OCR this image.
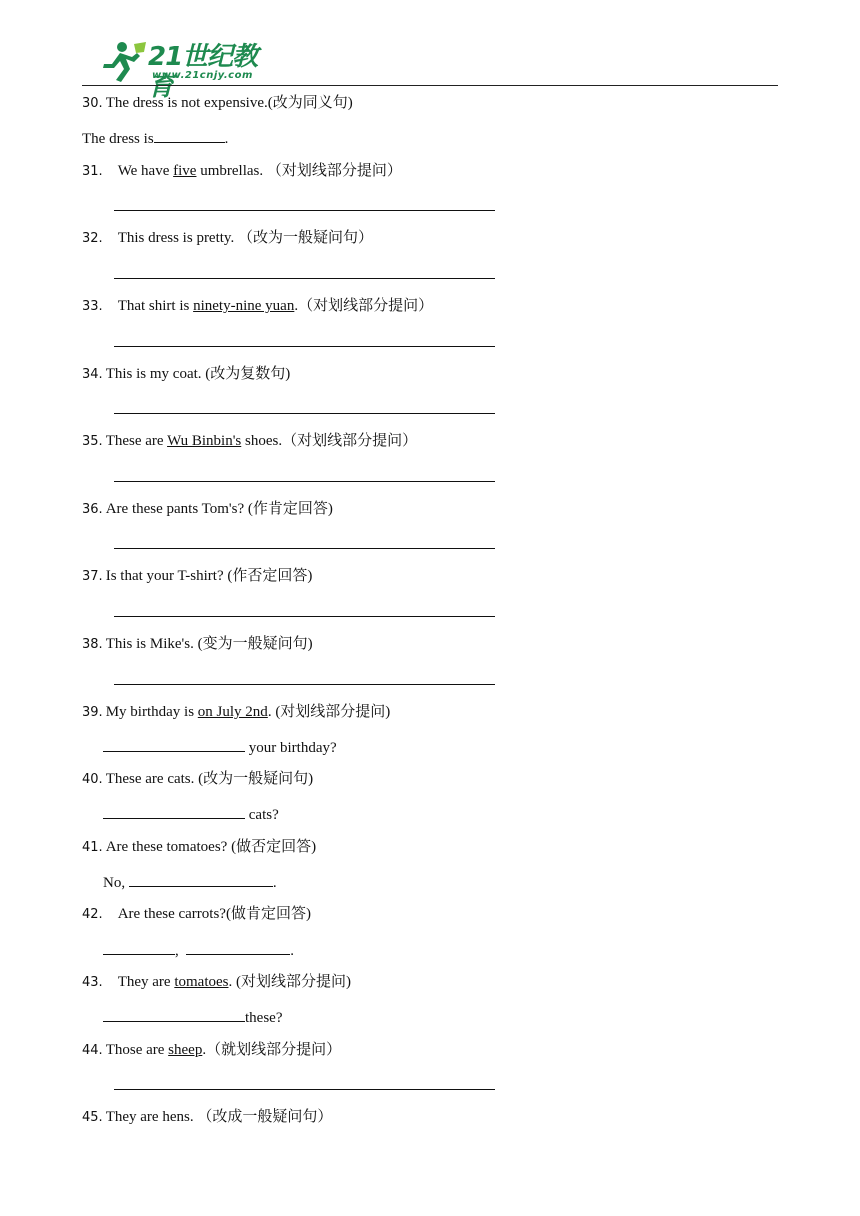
21世纪教育
www.21cnjy.com
30.  The dress is not expensive.(改为同义句)
The dress is	.
31.  We have five umbrellas. （对划线部分提问）
32.  This dress is pretty. （改为一般疑问句）
33.  That shirt is ninety-nine yuan.（对划线部分提问）
34.  This is my coat. (改为复数句)
35.  These are Wu Binbin's shoes.（对划线部分提问）
36.  Are these pants Tom's? (作肯定回答)
37.  Is that your T-shirt? (作否定回答)
38.  This is Mike's. (变为一般疑问句)
39.  My birthday is on July 2nd. (对划线部分提问)
your birthday?
40.  These are cats. (改为一般疑问句)
cats?
41.  Are these tomatoes? (做否定回答)
No,	.
42.  Are these carrots?(做肯定回答)
,	.
43.  They are tomatoes. (对划线部分提问)
these?
44.  Those are sheep.（就划线部分提问）
45.  They are hens. （改成一般疑问句）
